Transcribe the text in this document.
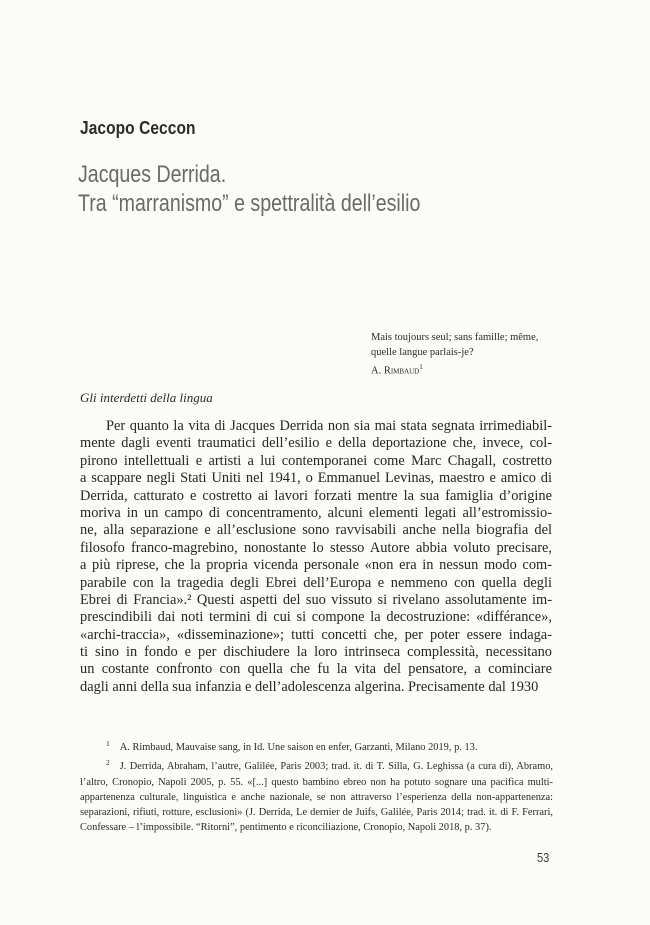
Jacopo Ceccon
Jacques Derrida.
Tra “marranismo” e spettralità dell’esilio
Mais toujours seul; sans famille; même,
quelle langue parlais-je?
A. Rimbaud$^1$
Gli interdetti della lingua
Per quanto la vita di Jacques Derrida non sia mai stata segnata irrimediabil-
mente dagli eventi traumatici dell’esilio e della deportazione che, invece, col-
pirono intellettuali e artisti a lui contemporanei come Marc Chagall, costretto
a scappare negli Stati Uniti nel 1941, o Emmanuel Levinas, maestro e amico di
Derrida, catturato e costretto ai lavori forzati mentre la sua famiglia d’origine
moriva in un campo di concentramento, alcuni elementi legati all’estromissio-
ne, alla separazione e all’esclusione sono ravvisabili anche nella biografia del
filosofo franco-magrebino, nonostante lo stesso Autore abbia voluto precisare,
a più riprese, che la propria vicenda personale «non era in nessun modo com-
parabile con la tragedia degli Ebrei dell’Europa e nemmeno con quella degli
Ebrei di Francia».² Questi aspetti del suo vissuto si rivelano assolutamente im-
prescindibili dai noti termini di cui si compone la decostruzione: «différance»,
«archi-traccia», «disseminazione»; tutti concetti che, per poter essere indaga-
ti sino in fondo e per dischiudere la loro intrinseca complessità, necessitano
un costante confronto con quella che fu la vita del pensatore, a cominciare
dagli anni della sua infanzia e dell’adolescenza algerina. Precisamente dal 1930
$^1$ A. Rimbaud, Mauvaise sang, in Id. Une saison en enfer, Garzanti, Milano 2019, p. 13.
$^2$ J. Derrida, Abraham, l’autre, Galilée, Paris 2003; trad. it. di T. Silla, G. Leghissa (a cura di), Abramo, l’altro, Cronopio, Napoli 2005, p. 55. «[...] questo bambino ebreo non ha potuto sognare una pacifica multi-appartenenza culturale, linguistica e anche nazionale, se non attraverso l’esperienza della non-appartenenza: separazioni, rifiuti, rotture, esclusioni» (J. Derrida, Le dernier de Juifs, Galilée, Paris 2014; trad. it. di F. Ferrari, Confessare – l’impossibile. “Ritorni”, pentimento e riconciliazione, Cronopio, Napoli 2018, p. 37).
53
